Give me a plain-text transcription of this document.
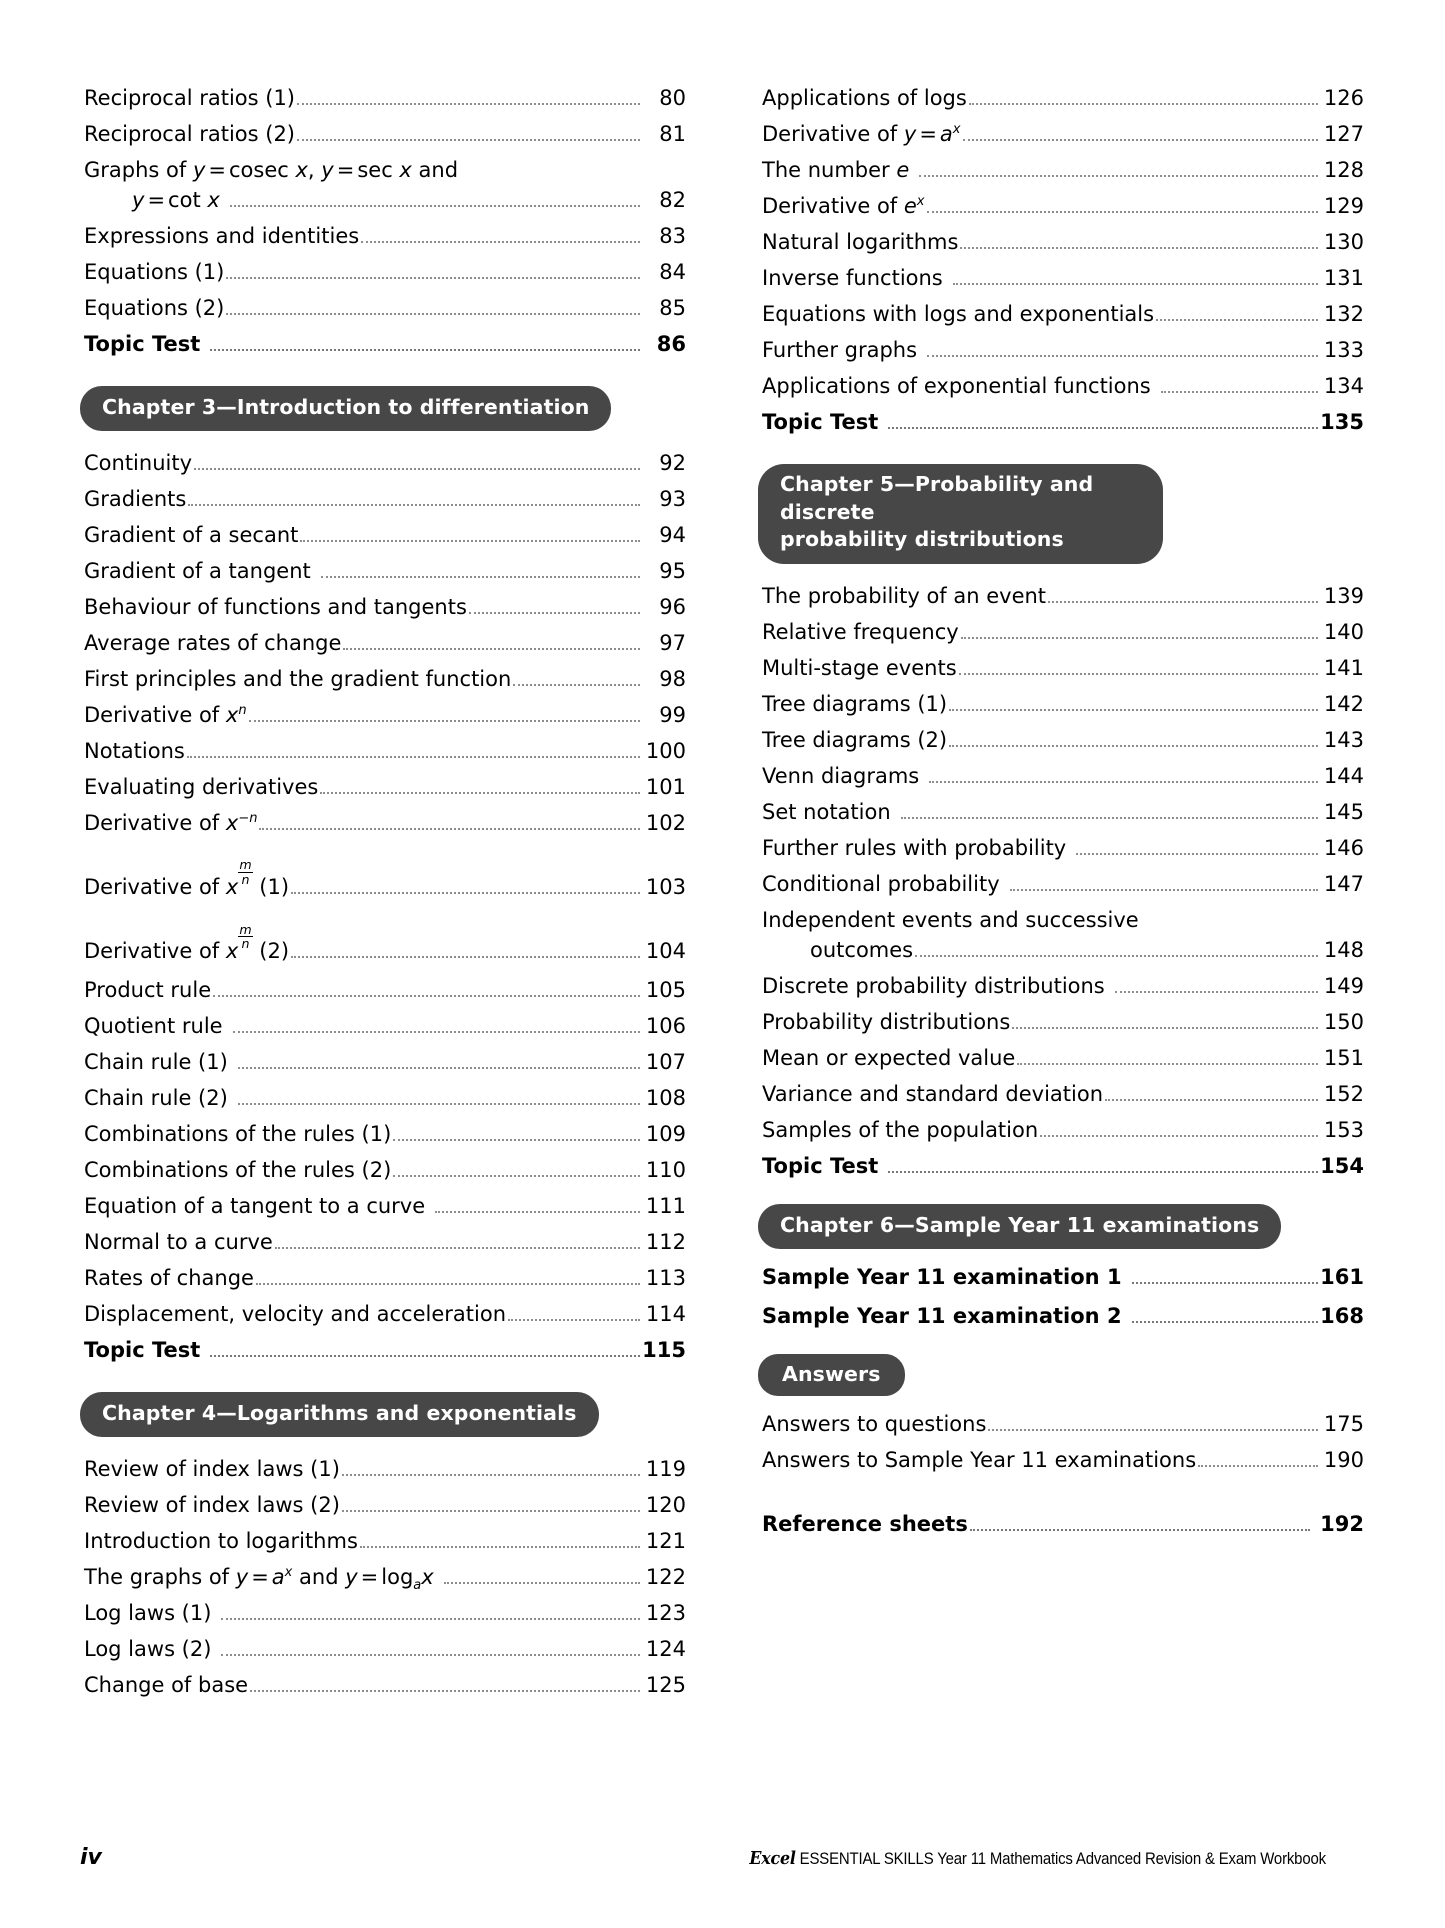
Reciprocal ratios (1)	80
Reciprocal ratios (2)	81
Graphs of y = cosec x, y = sec x and
y = cot x	82
Expressions and identities	83
Equations (1)	84
Equations (2)	85
Topic Test	86
Chapter 3—Introduction to differentiation
Continuity	92
Gradients	93
Gradient of a secant	94
Gradient of a tangent	95
Behaviour of functions and tangents	96
Average rates of change	97
First principles and the gradient function	98
Derivative of $x^n$	99
Notations	100
Evaluating derivatives	101
Derivative of $x^{-n}$	102
Derivative of x
$\frac{m}{n}$
(1)	103
Derivative of x
$\frac{m}{n}$
(2)	104
Product rule	105
Quotient rule	106
Chain rule (1)	107
Chain rule (2)	108
Combinations of the rules (1)	109
Combinations of the rules (2)	110
Equation of a tangent to a curve	111
Normal to a curve	112
Rates of change	113
Displacement, velocity and acceleration	114
Topic Test	115
Chapter 4—Logarithms and exponentials
Review of index laws (1)	119
Review of index laws (2)	120
Introduction to logarithms	121
The graphs of $y = a^x$ and $y = \log_ax$	122
Log laws (1)	123
Log laws (2)	124
Change of base	125
Applications of logs	126
Derivative of $y = a^x$	127
The number e	128
Derivative of $e^x$	129
Natural logarithms	130
Inverse functions	131
Equations with logs and exponentials	132
Further graphs	133
Applications of exponential functions	134
Topic Test	135
Chapter 5—Probability and discrete
probability distributions
The probability of an event	139
Relative frequency	140
Multi-stage events	141
Tree diagrams (1)	142
Tree diagrams (2)	143
Venn diagrams	144
Set notation	145
Further rules with probability	146
Conditional probability	147
Independent events and successive
outcomes	148
Discrete probability distributions	149
Probability distributions	150
Mean or expected value	151
Variance and standard deviation	152
Samples of the population	153
Topic Test	154
Chapter 6—Sample Year 11 examinations
Sample Year 11 examination 1	161
Sample Year 11 examination 2	168
Answers
Answers to questions	175
Answers to Sample Year 11 examinations	190
Reference sheets	192
iv	Excel ESSENTIAL SKILLS Year 11 Mathematics Advanced Revision & Exam Workbook
